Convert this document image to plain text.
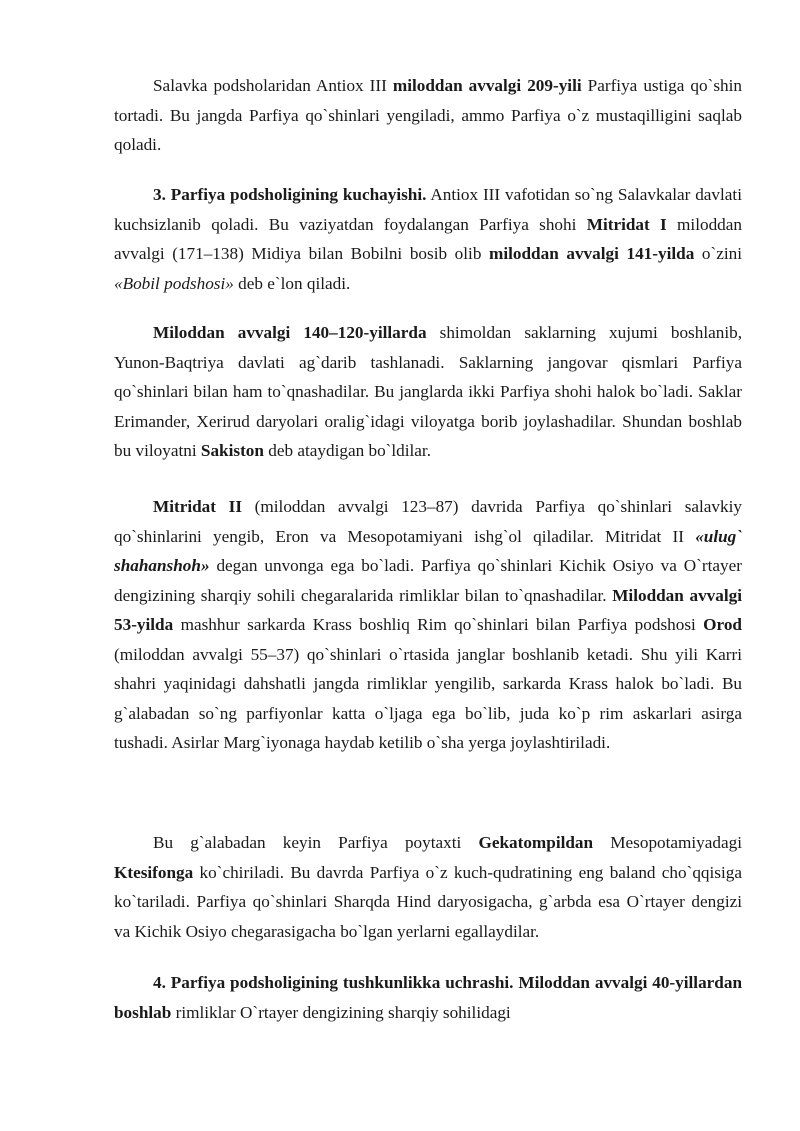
Salavka podsholaridan Antiox III miloddan avvalgi 209-yili Parfiya ustiga qo`shin tortadi. Bu jangda Parfiya qo`shinlari yengiladi, ammo Parfiya o`z mustaqilligini saqlab qoladi.

3. Parfiya podsholigining kuchayishi. Antiox III vafotidan so`ng Salavkalar davlati kuchsizlanib qoladi. Bu vaziyatdan foydalangan Parfiya shohi Mitridat I miloddan avvalgi (171–138) Midiya bilan Bobilni bosib olib miloddan avvalgi 141-yilda o`zini «Bobil podshosi» deb e`lon qiladi.

Miloddan avvalgi 140–120-yillarda shimoldan saklarning xujumi boshlanib, Yunon-Baqtriya davlati ag`darib tashlanadi. Saklarning jangovar qismlari Parfiya qo`shinlari bilan ham to`qnashadilar. Bu janglarda ikki Parfiya shohi halok bo`ladi. Saklar Erimander, Xerirud daryolari oralig`idagi viloyatga borib joylashadilar. Shundan boshlab bu viloyatni Sakiston deb ataydigan bo`ldilar.

Mitridat II (miloddan avvalgi 123–87) davrida Parfiya qo`shinlari salavkiy qo`shinlarini yengib, Eron va Mesopotamiyani ishg`ol qiladilar. Mitridat II «ulug` shahanshoh» degan unvonga ega bo`ladi. Parfiya qo`shinlari Kichik Osiyo va O`rtayer dengizining sharqiy sohili chegaralarida rimliklar bilan to`qnashadilar. Miloddan avvalgi 53-yilda mashhur sarkarda Krass boshliq Rim qo`shinlari bilan Parfiya podshosi Orod (miloddan avvalgi 55–37) qo`shinlari o`rtasida janglar boshlanib ketadi. Shu yili Karri shahri yaqinidagi dahshatli jangda rimliklar yengilib, sarkarda Krass halok bo`ladi. Bu g`alabadan so`ng parfiyonlar katta o`ljaga ega bo`lib, juda ko`p rim askarlari asirga tushadi. Asirlar Marg`iyonaga haydab ketilib o`sha yerga joylashtiriladi.

Bu g`alabadan keyin Parfiya poytaxti Gekatompildan Mesopotamiyadagi Ktesifonga ko`chiriladi. Bu davrda Parfiya o`z kuch-qudratining eng baland cho`qqisiga ko`tariladi. Parfiya qo`shinlari Sharqda Hind daryosigacha, g`arbda esa O`rtayer dengizi va Kichik Osiyo chegarasigacha bo`lgan yerlarni egallaydilar.

4. Parfiya podsholigining tushkunlikka uchrashi. Miloddan avvalgi 40-yillardan boshlab rimliklar O`rtayer dengizining sharqiy sohilidagi
